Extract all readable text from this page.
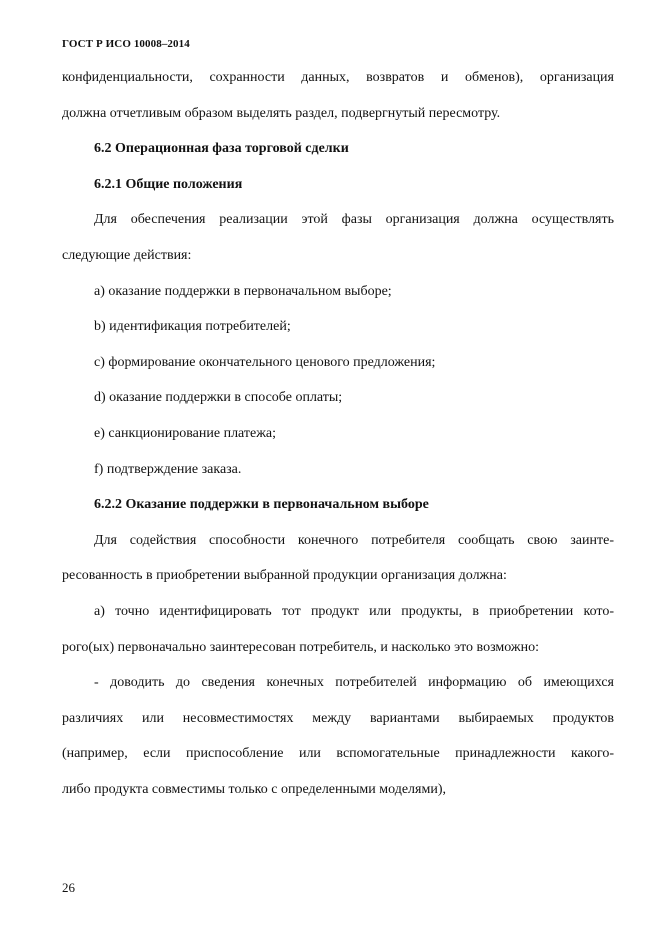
ГОСТ Р ИСО 10008–2014

конфиденциальности, сохранности данных, возвратов и обменов), организация

должна отчетливым образом выделять раздел, подвергнутый пересмотру.

6.2 Операционная фаза торговой сделки

6.2.1 Общие положения

Для обеспечения реализации этой фазы организация должна осуществлять

следующие действия:

a) оказание поддержки в первоначальном выборе;

b) идентификация потребителей;

c) формирование окончательного ценового предложения;

d) оказание поддержки в способе оплаты;

e) санкционирование платежа;

f) подтверждение заказа.

6.2.2 Оказание поддержки в первоначальном выборе

Для содействия способности конечного потребителя сообщать свою заинте-

ресованность в приобретении выбранной продукции организация должна:

a) точно идентифицировать тот продукт или продукты, в приобретении кото-

рого(ых) первоначально заинтересован потребитель, и насколько это возможно:

- доводить до сведения конечных потребителей информацию об имеющихся

различиях или несовместимостях между вариантами выбираемых продуктов

(например, если приспособление или вспомогательные принадлежности какого-

либо продукта совместимы только с определенными моделями),

26
